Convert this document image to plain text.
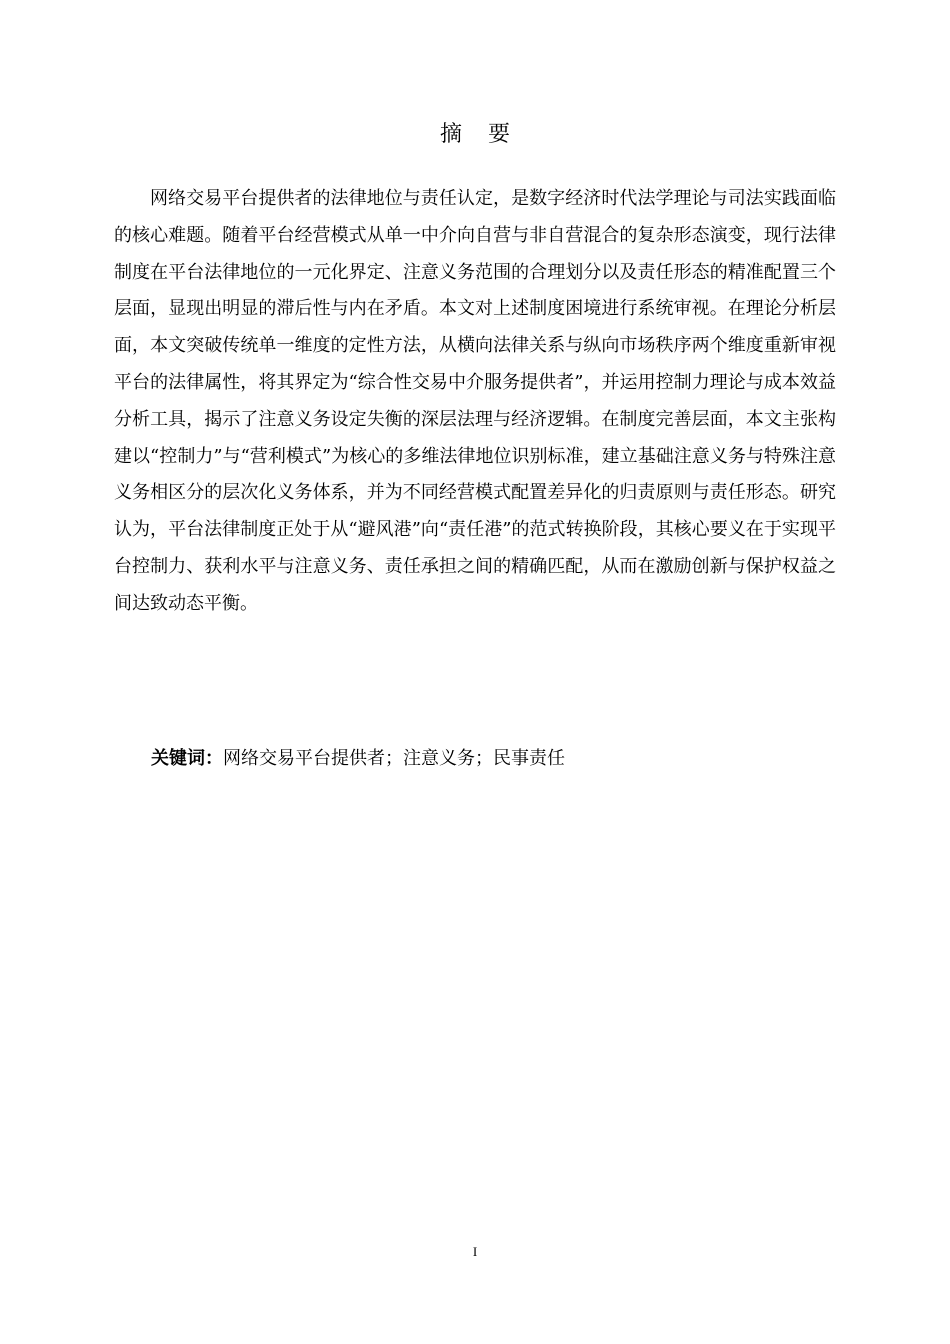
摘要

网络交易平台提供者的法律地位与责任认定，是数字经济时代法学理论与司法实践面临的核心难题。随着平台经营模式从单一中介向自营与非自营混合的复杂形态演变，现行法律制度在平台法律地位的一元化界定、注意义务范围的合理划分以及责任形态的精准配置三个层面，显现出明显的滞后性与内在矛盾。本文对上述制度困境进行系统审视。在理论分析层面，本文突破传统单一维度的定性方法，从横向法律关系与纵向市场秩序两个维度重新审视平台的法律属性，将其界定为“综合性交易中介服务提供者”，并运用控制力理论与成本效益分析工具，揭示了注意义务设定失衡的深层法理与经济逻辑。在制度完善层面，本文主张构建以“控制力”与“营利模式”为核心的多维法律地位识别标准，建立基础注意义务与特殊注意义务相区分的层次化义务体系，并为不同经营模式配置差异化的归责原则与责任形态。研究认为，平台法律制度正处于从“避风港”向“责任港”的范式转换阶段，其核心要义在于实现平台控制力、获利水平与注意义务、责任承担之间的精确匹配，从而在激励创新与保护权益之间达致动态平衡。

关键词：网络交易平台提供者；注意义务；民事责任

I
